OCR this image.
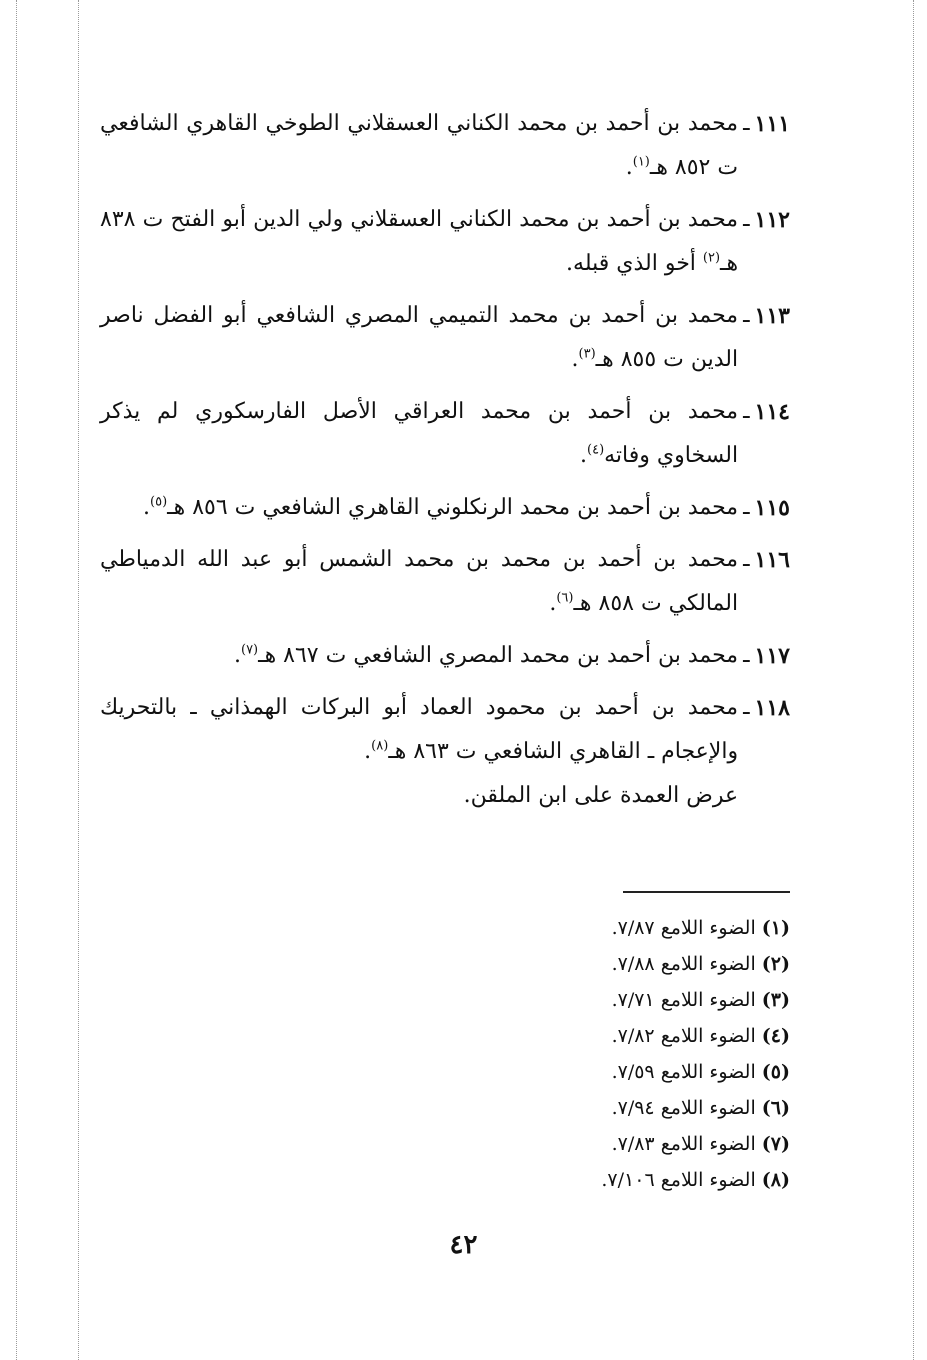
١١١
ـ
محمد بن أحمد بن محمد الكناني العسقلاني الطوخي القاهري الشافعي ت ٨٥٢ هـ$^{(١)}$.
١١٢
ـ
محمد بن أحمد بن محمد الكناني العسقلاني ولي الدين أبو الفتح ت ٨٣٨ هـ$^{(٢)}$ أخو الذي قبله.
١١٣
ـ
محمد بن أحمد بن محمد التميمي المصري الشافعي أبو الفضل ناصر الدين ت ٨٥٥ هـ$^{(٣)}$.
١١٤
ـ
محمد بن أحمد بن محمد العراقي الأصل الفارسكوري لم يذكر السخاوي وفاته$^{(٤)}$.
١١٥
ـ
محمد بن أحمد بن محمد الرنكلوني القاهري الشافعي ت ٨٥٦ هـ$^{(٥)}$.
١١٦
ـ
محمد بن أحمد بن محمد بن محمد الشمس أبو عبد الله الدمياطي المالكي ت ٨٥٨ هـ$^{(٦)}$.
١١٧
ـ
محمد بن أحمد بن محمد المصري الشافعي ت ٨٦٧ هـ$^{(٧)}$.
١١٨
ـ
محمد بن أحمد بن محمود العماد أبو البركات الهمذاني ـ بالتحريك والإعجام ـ القاهري الشافعي ت ٨٦٣ هـ$^{(٨)}$.
عرض العمدة على ابن الملقن.
(١) الضوء اللامع ٧/٨٧.
(٢) الضوء اللامع ٧/٨٨.
(٣) الضوء اللامع ٧/٧١.
(٤) الضوء اللامع ٧/٨٢.
(٥) الضوء اللامع ٧/٥٩.
(٦) الضوء اللامع ٧/٩٤.
(٧) الضوء اللامع ٧/٨٣.
(٨) الضوء اللامع ٧/١٠٦.
٤٢
